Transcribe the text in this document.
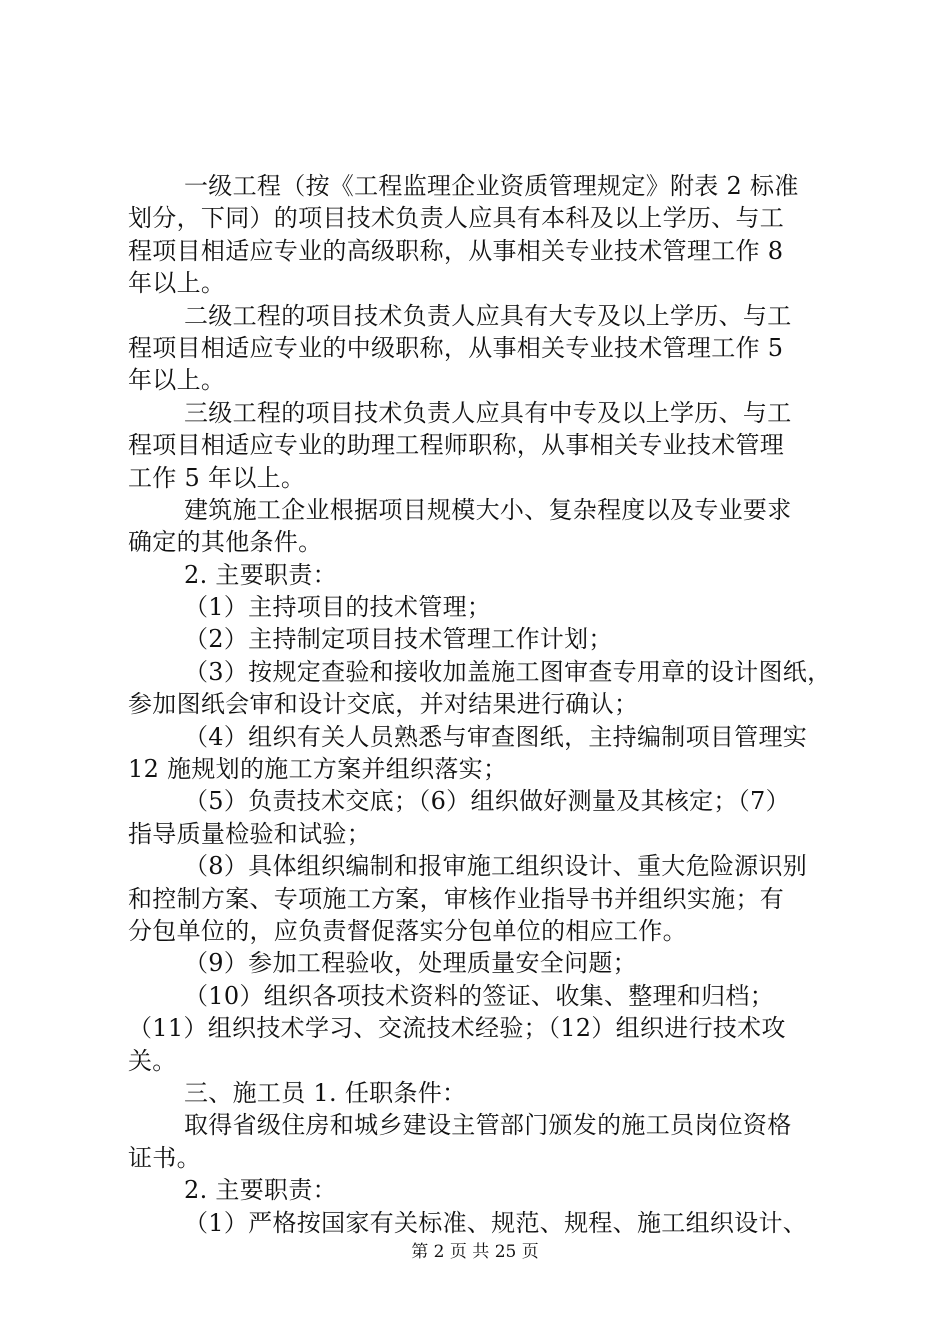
一级工程（按《工程监理企业资质管理规定》附表 2 标准
划分，下同）的项目技术负责人应具有本科及以上学历、与工
程项目相适应专业的高级职称，从事相关专业技术管理工作 8
年以上。
二级工程的项目技术负责人应具有大专及以上学历、与工
程项目相适应专业的中级职称，从事相关专业技术管理工作 5
年以上。
三级工程的项目技术负责人应具有中专及以上学历、与工
程项目相适应专业的助理工程师职称，从事相关专业技术管理
工作 5 年以上。
建筑施工企业根据项目规模大小、复杂程度以及专业要求
确定的其他条件。
2. 主要职责：
（1）主持项目的技术管理；
（2）主持制定项目技术管理工作计划；
（3）按规定查验和接收加盖施工图审查专用章的设计图纸，
参加图纸会审和设计交底，并对结果进行确认；
（4）组织有关人员熟悉与审查图纸，主持编制项目管理实
12 施规划的施工方案并组织落实；
（5）负责技术交底；（6）组织做好测量及其核定；（7）
指导质量检验和试验；
（8）具体组织编制和报审施工组织设计、重大危险源识别
和控制方案、专项施工方案，审核作业指导书并组织实施；有
分包单位的，应负责督促落实分包单位的相应工作。
（9）参加工程验收，处理质量安全问题；
（10）组织各项技术资料的签证、收集、整理和归档；
（11）组织技术学习、交流技术经验；（12）组织进行技术攻
关。
三、施工员 1. 任职条件：
取得省级住房和城乡建设主管部门颁发的施工员岗位资格
证书。
2. 主要职责：
（1）严格按国家有关标准、规范、规程、施工组织设计、
第 2 页 共 25 页
